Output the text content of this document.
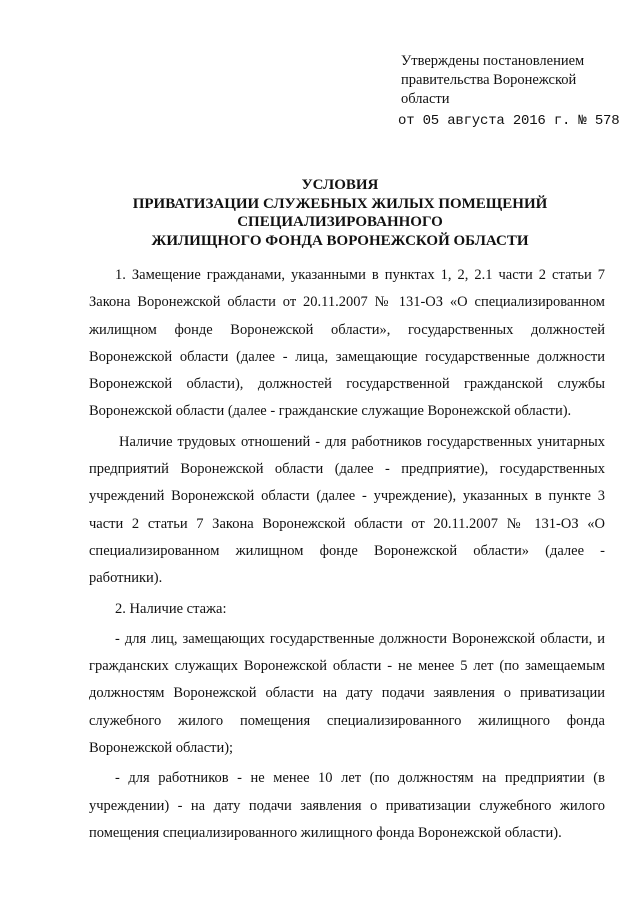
Утверждены постановлением
правительства Воронежской
области
от 05 августа 2016 г. № 578
УСЛОВИЯ
ПРИВАТИЗАЦИИ СЛУЖЕБНЫХ ЖИЛЫХ ПОМЕЩЕНИЙ
СПЕЦИАЛИЗИРОВАННОГО
ЖИЛИЩНОГО ФОНДА ВОРОНЕЖСКОЙ ОБЛАСТИ

1. Замещение гражданами, указанными в пунктах 1, 2, 2.1 части 2 статьи 7 Закона Воронежской области от 20.11.2007 № 131-ОЗ «О специализированном жилищном фонде Воронежской области», государственных должностей Воронежской области (далее - лица, замещающие государственные должности Воронежской области), должностей государственной гражданской службы Воронежской области (далее - гражданские служащие Воронежской области).

Наличие трудовых отношений - для работников государственных унитарных предприятий Воронежской области (далее - предприятие), государственных учреждений Воронежской области (далее - учреждение), указанных в пункте 3 части 2 статьи 7 Закона Воронежской области от 20.11.2007 № 131-ОЗ «О специализированном жилищном фонде Воронежской области» (далее - работники).

2. Наличие стажа:

- для лиц, замещающих государственные должности Воронежской области, и гражданских служащих Воронежской области - не менее 5 лет (по замещаемым должностям Воронежской области на дату подачи заявления о приватизации служебного жилого помещения специализированного жилищного фонда Воронежской области);

- для работников - не менее 10 лет (по должностям на предприятии (в учреждении) - на дату подачи заявления о приватизации служебного жилого помещения специализированного жилищного фонда Воронежской области).
